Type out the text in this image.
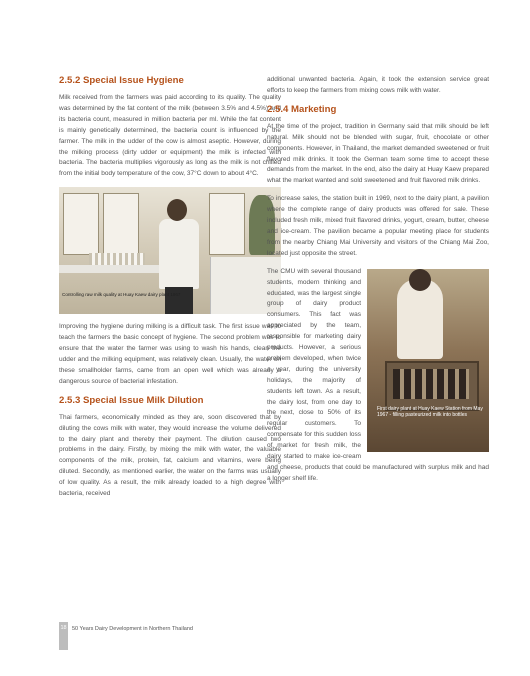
2.5.2 Special Issue Hygiene

Milk received from the farmers was paid according to its quality. The quality was determined by the fat content of the milk (between 3.5% and 4.5%) and its bacteria count, measured in million bacteria per ml. While the fat content is mainly genetically determined, the bacteria count is influenced by the farmer. The milk in the udder of the cow is almost aseptic. However, during the milking process (dirty udder or equipment) the milk is infected with bacteria. The bacteria multiplies vigorously as long as the milk is not chilled from the initial body temperature of the cow, 37°C down to about 4°C.

Controlling raw milk quality at Huay Kaew dairy plant 1967

Improving the hygiene during milking is a difficult task. The first issue was to teach the farmers the basic concept of hygiene. The second problem was to ensure that the water the farmer was using to wash his hands, clean the udder and the milking equipment, was relatively clean. Usually, the water on these smallholder farms, came from an open well which was already a dangerous source of bacterial infestation.

2.5.3 Special Issue Milk Dilution

Thai farmers, economically minded as they are, soon discovered that by diluting the cows milk with water, they would increase the volume delivered to the dairy plant and thereby their payment. The dilution caused two problems in the dairy. Firstly, by mixing the milk with water, the valuable components of the milk, protein, fat, calcium and vitamins, were being diluted. Secondly, as mentioned earlier, the water on the farms was usually of low quality. As a result, the milk already loaded to a high degree with bacteria, received

additional unwanted bacteria. Again, it took the extension service great efforts to keep the farmers from mixing cows milk with water.

2.5.4 Marketing

At the time of the project, tradition in Germany said that milk should be left natural. Milk should not be blended with sugar, fruit, chocolate or other components. However, in Thailand, the market demanded sweetened or fruit flavored milk drinks. It took the German team some time to accept these demands from the market. In the end, also the dairy at Huay Kaew prepared what the market wanted and sold sweetened and fruit flavored milk drinks.

To increase sales, the station built in 1969, next to the dairy plant, a pavilion where the complete range of dairy products was offered for sale. These included fresh milk, mixed fruit flavored drinks, yogurt, cream, butter, cheese and ice-cream. The pavilion became a popular meeting place for students from the nearby Chiang Mai University and visitors of the Chiang Mai Zoo, located just opposite the street.

First dairy plant at Huay Kaew Station from May 1967 - filling pasteurized milk into bottles

The CMU with several thousand students, modern thinking and educated, was the largest single group of dairy product consumers. This fact was appreciated by the team, responsible for marketing dairy products. However, a serious problem developed, when twice a year, during the university holidays, the majority of students left town. As a result, the dairy lost, from one day to the next, close to 50% of its regular customers. To compensate for this sudden loss of market for fresh milk, the dairy started to make ice-cream and cheese, products that could be manufactured with surplus milk and had a longer shelf life.

18 50 Years Dairy Development in Northern Thailand
